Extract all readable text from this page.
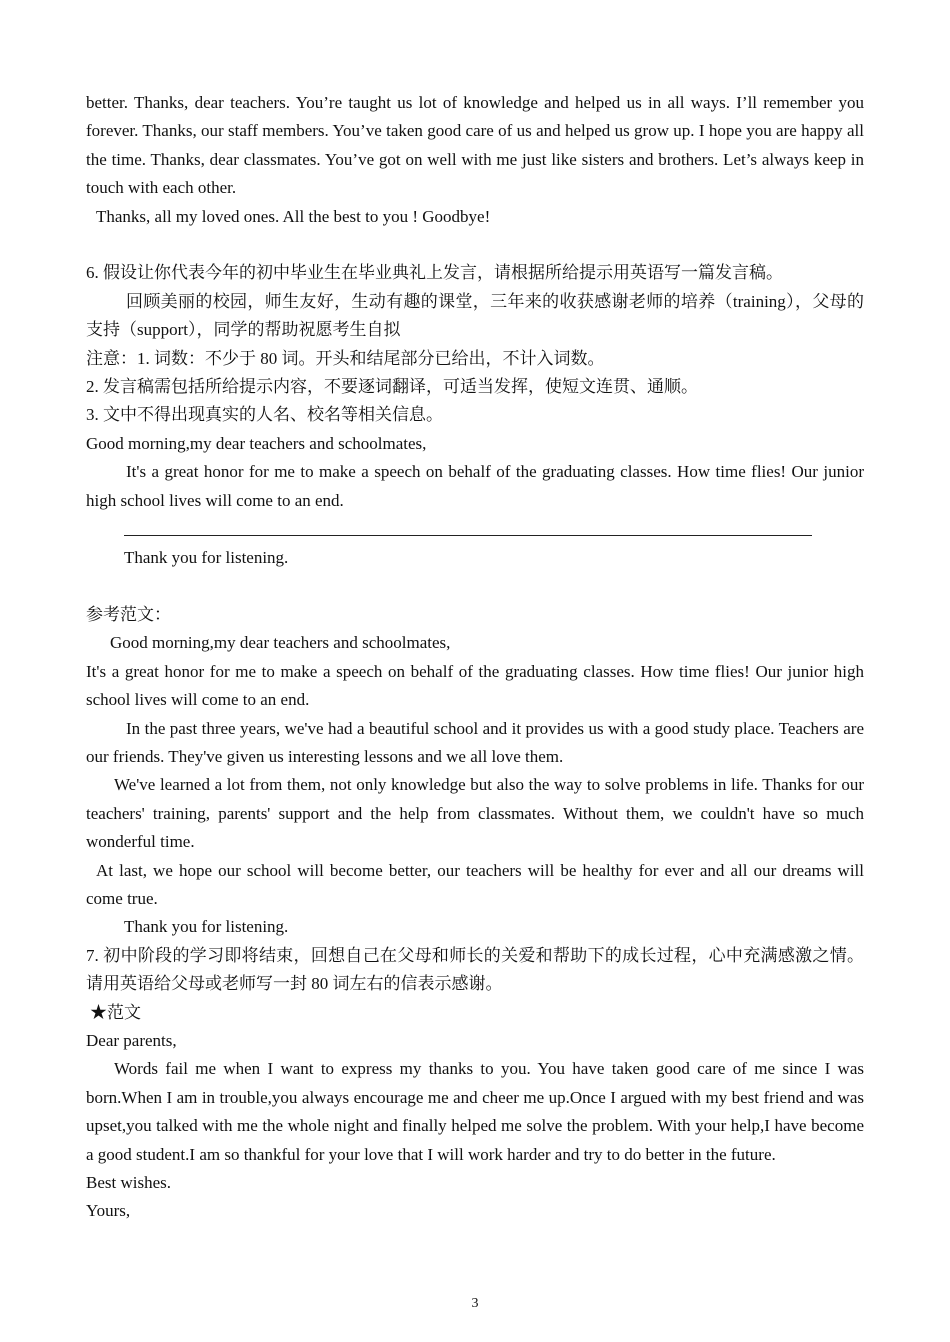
better. Thanks, dear teachers. You’re taught us lot of knowledge and helped us in all ways. I’ll remember you forever. Thanks, our staff members. You’ve taken good care of us and helped us grow up. I hope you are happy all the time. Thanks, dear classmates. You’ve got on well with me just like sisters and brothers. Let’s always keep in touch with each other.

Thanks, all my loved ones. All the best to you ! Goodbye!

6. 假设让你代表今年的初中毕业生在毕业典礼上发言，请根据所给提示用英语写一篇发言稿。

回顾美丽的校园，师生友好，生动有趣的课堂，三年来的收获感谢老师的培养（training），父母的支持（support），同学的帮助祝愿考生自拟

注意：1. 词数：不少于 80 词。开头和结尾部分已给出，不计入词数。

2. 发言稿需包括所给提示内容，不要逐词翻译，可适当发挥，使短文连贯、通顺。

3. 文中不得出现真实的人名、校名等相关信息。

Good morning,my dear teachers and schoolmates,

It's a great honor for me to make a speech on behalf of the graduating classes. How time flies! Our junior high school lives will come to an end.

Thank you for listening.

参考范文：

Good morning,my dear teachers and schoolmates,

It's a great honor for me to make a speech on behalf of the graduating classes. How time flies! Our junior high school lives will come to an end.

In the past three years, we've had a beautiful school and it provides us with a good study place. Teachers are our friends. They've given us interesting lessons and we all love them.

We've learned a lot from them, not only knowledge but also the way to solve problems in life. Thanks for our teachers' training, parents' support and the help from classmates. Without them, we couldn't have so much wonderful time.

At last, we hope our school will become better, our teachers will be healthy for ever and all our dreams will come true.

Thank you for listening.

7. 初中阶段的学习即将结束，回想自己在父母和师长的关爱和帮助下的成长过程，心中充满感激之情。请用英语给父母或老师写一封 80 词左右的信表示感谢。

★范文

Dear parents,

Words fail me when I want to express my thanks to you. You have taken good care of me since I was born.When I am in trouble,you always encourage me and cheer me up.Once I argued with my best friend and was upset,you talked with me the whole night and finally helped me solve the problem. With your help,I have become a good student.I am so thankful for your love that I will work harder and try to do better in the future.

Best wishes.

Yours,

3
